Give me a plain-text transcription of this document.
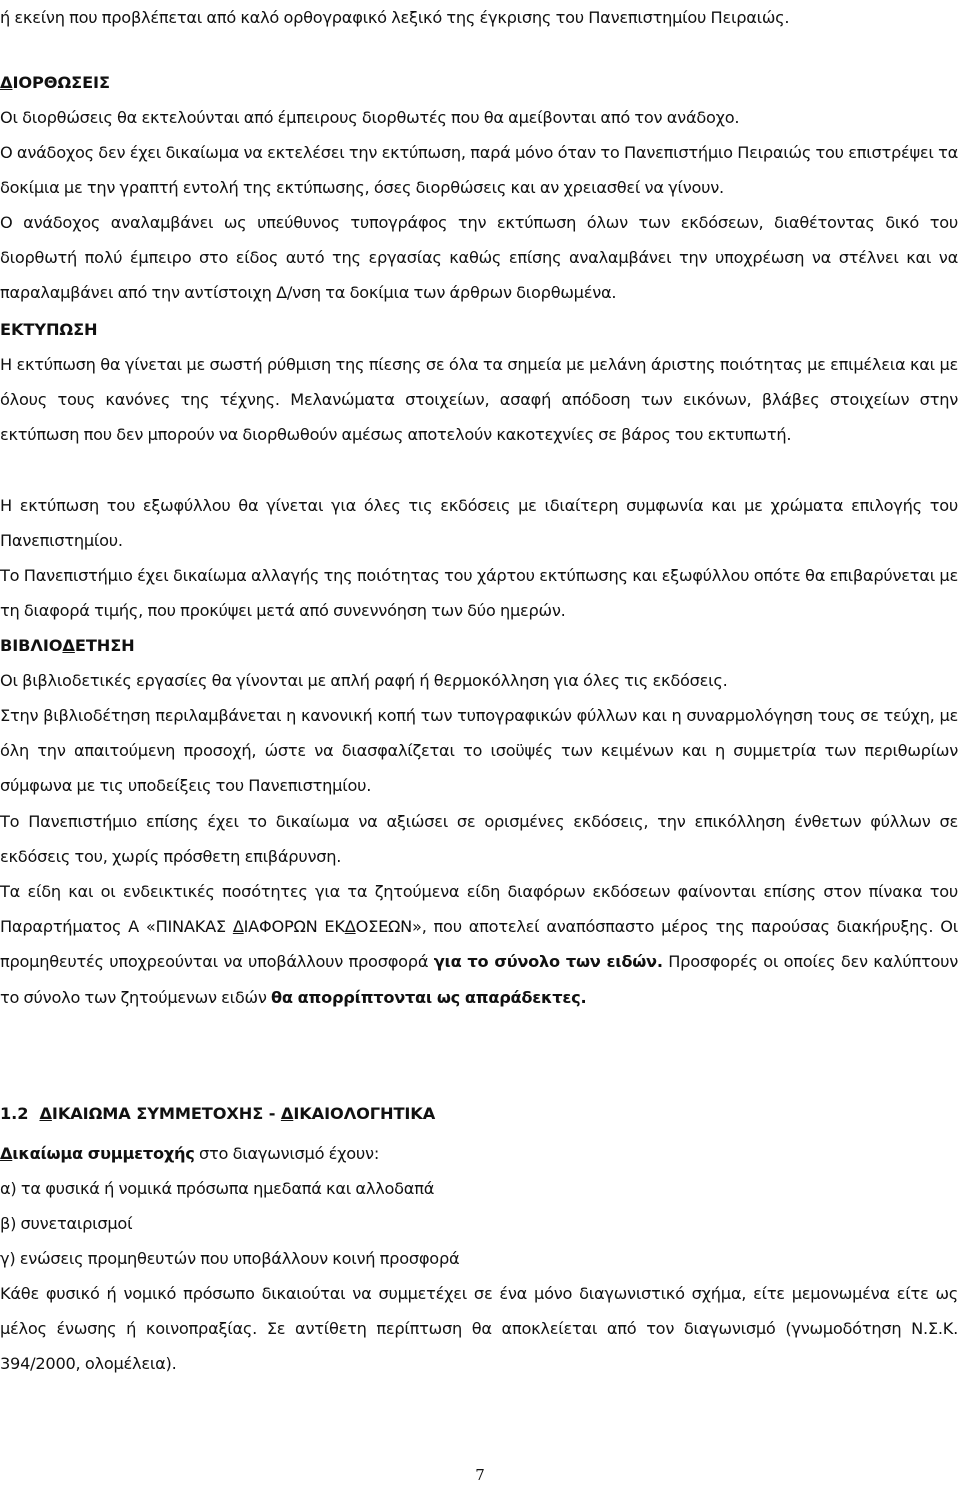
ή εκείνη που προβλέπεται από καλό ορθογραφικό λεξικό της έγκρισης του Πανεπιστημίου Πειραιώς.

ΔΙΟΡΘΩΣΕΙΣ

Οι διορθώσεις θα εκτελούνται από έμπειρους διορθωτές που θα αμείβονται από τον ανάδοχο.

Ο ανάδοχος δεν έχει δικαίωμα να εκτελέσει την εκτύπωση, παρά μόνο όταν το Πανεπιστήμιο Πειραιώς του επιστρέψει τα δοκίμια με την γραπτή εντολή της εκτύπωσης, όσες διορθώσεις και αν χρειασθεί να γίνουν.

Ο ανάδοχος αναλαμβάνει ως υπεύθυνος τυπογράφος την εκτύπωση όλων των εκδόσεων, διαθέτοντας δικό του διορθωτή πολύ έμπειρο στο είδος αυτό της εργασίας καθώς επίσης αναλαμβάνει την υποχρέωση να στέλνει και να παραλαμβάνει από την αντίστοιχη Δ/νση τα δοκίμια των άρθρων διορθωμένα.

ΕΚΤΥΠΩΣΗ

Η εκτύπωση θα γίνεται με σωστή ρύθμιση της πίεσης σε όλα τα σημεία με μελάνη άριστης ποιότητας με επιμέλεια και με όλους τους κανόνες της τέχνης. Μελανώματα στοιχείων, ασαφή απόδοση των εικόνων, βλάβες στοιχείων στην εκτύπωση που δεν μπορούν να διορθωθούν αμέσως αποτελούν κακοτεχνίες σε βάρος του εκτυπωτή.

Η εκτύπωση του εξωφύλλου θα γίνεται για όλες τις εκδόσεις με ιδιαίτερη συμφωνία και με χρώματα επιλογής του Πανεπιστημίου.

Το Πανεπιστήμιο έχει δικαίωμα αλλαγής της ποιότητας του χάρτου εκτύπωσης και εξωφύλλου οπότε θα επιβαρύνεται με τη διαφορά τιμής, που προκύψει μετά από συνεννόηση των δύο ημερών.

ΒΙΒΛΙΟΔΕΤΗΣΗ

Οι βιβλιοδετικές εργασίες θα γίνονται με απλή ραφή ή θερμοκόλληση για όλες τις εκδόσεις.

Στην βιβλιοδέτηση περιλαμβάνεται η κανονική κοπή των τυπογραφικών φύλλων και η συναρμολόγηση τους σε τεύχη, με όλη την απαιτούμενη προσοχή, ώστε να διασφαλίζεται το ισοϋψές των κειμένων και η συμμετρία των περιθωρίων σύμφωνα με τις υποδείξεις του Πανεπιστημίου.

Το Πανεπιστήμιο επίσης έχει το δικαίωμα να αξιώσει σε ορισμένες εκδόσεις, την επικόλληση ένθετων φύλλων σε εκδόσεις του, χωρίς πρόσθετη επιβάρυνση.

Τα είδη και οι ενδεικτικές ποσότητες για τα ζητούμενα είδη διαφόρων εκδόσεων φαίνονται επίσης στον πίνακα του Παραρτήματος Α «ΠΙΝΑΚΑΣ ΔΙΑΦΟΡΩΝ ΕΚΔΟΣΕΩΝ», που αποτελεί αναπόσπαστο μέρος της παρούσας διακήρυξης. Οι προμηθευτές υποχρεούνται να υποβάλλουν προσφορά για το σύνολο των ειδών. Προσφορές οι οποίες δεν καλύπτουν το σύνολο των ζητούμενων ειδών θα απορρίπτονται ως απαράδεκτες.

1.2  ΔΙΚΑΙΩΜΑ ΣΥΜΜΕΤΟΧΗΣ - ΔΙΚΑΙΟΛΟΓΗΤΙΚΑ

Δικαίωμα συμμετοχής στο διαγωνισμό έχουν:

α) τα φυσικά ή νομικά πρόσωπα ημεδαπά και αλλοδαπά

β) συνεταιρισμοί

γ) ενώσεις προμηθευτών που υποβάλλουν κοινή προσφορά

Κάθε φυσικό ή νομικό πρόσωπο δικαιούται να συμμετέχει σε ένα μόνο διαγωνιστικό σχήμα, είτε μεμονωμένα είτε ως μέλος ένωσης ή κοινοπραξίας. Σε αντίθετη περίπτωση θα αποκλείεται από τον διαγωνισμό (γνωμοδότηση Ν.Σ.Κ. 394/2000, ολομέλεια).

7
